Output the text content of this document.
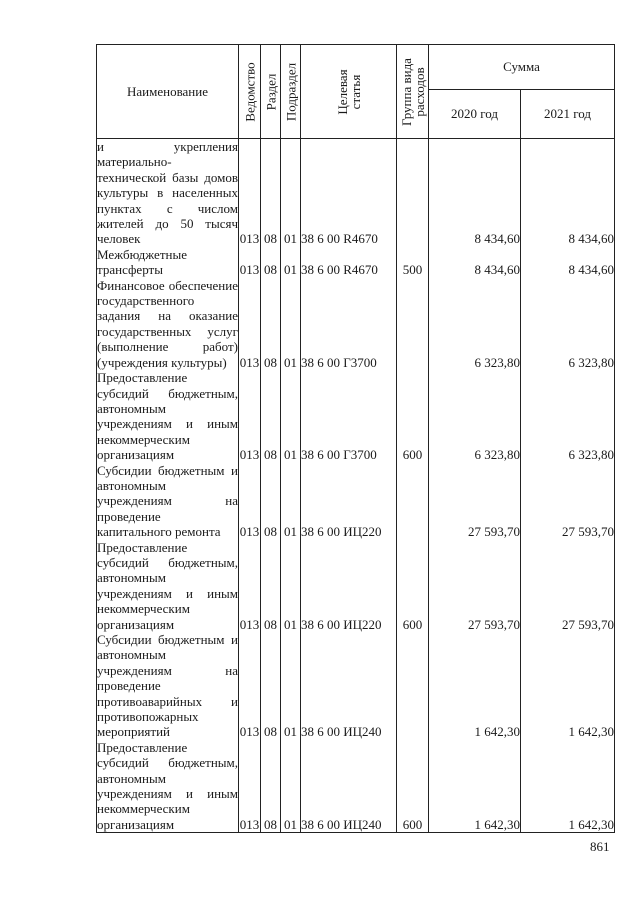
Наименование	Ведомство	Раздел	Подраздел	Целевая статья	Группа вида расходов	Сумма	
						2020 год	2021 год
и укрепления материально-технической базы домов культуры в населенных пунктах с числом жителей до 50 тысяч человек	013	08	01	38 6 00 R4670		8 434,60	8 434,60
Межбюджетные трансферты	013	08	01	38 6 00 R4670	500	8 434,60	8 434,60
Финансовое обеспечение государственного задания на оказание государственных услуг (выполнение работ) (учреждения культуры)	013	08	01	38 6 00 Г3700		6 323,80	6 323,80
Предоставление субсидий бюджетным, автономным учреждениям и иным некоммерческим организациям	013	08	01	38 6 00 Г3700	600	6 323,80	6 323,80
Субсидии бюджетным и автономным учреждениям на проведение капитального ремонта	013	08	01	38 6 00 ИЦ220		27 593,70	27 593,70
Предоставление субсидий бюджетным, автономным учреждениям и иным некоммерческим организациям	013	08	01	38 6 00 ИЦ220	600	27 593,70	27 593,70
Субсидии бюджетным и автономным учреждениям на проведение противоаварийных и противопожарных мероприятий	013	08	01	38 6 00 ИЦ240		1 642,30	1 642,30
Предоставление субсидий бюджетным, автономным учреждениям и иным некоммерческим организациям	013	08	01	38 6 00 ИЦ240	600	1 642,30	1 642,30
861
